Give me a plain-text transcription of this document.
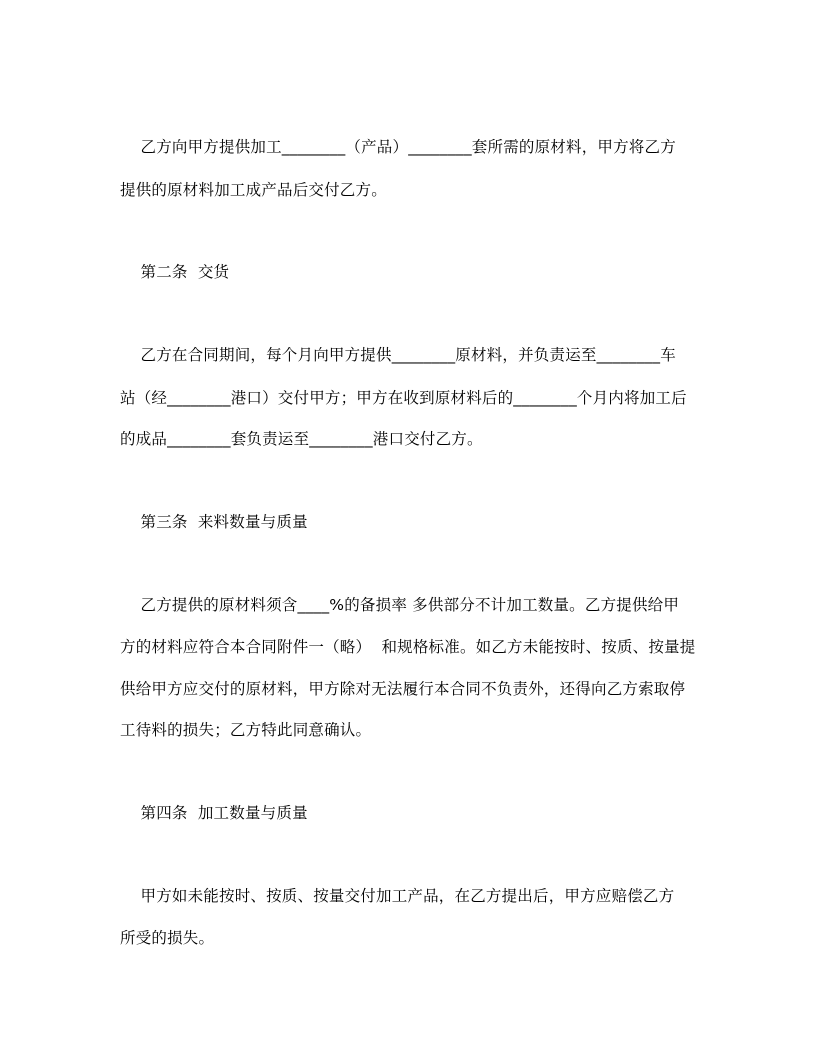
乙方向甲方提供加工________（产品）________套所需的原材料，甲方将乙方
提供的原材料加工成产品后交付乙方。
第二条  交货
乙方在合同期间，每个月向甲方提供________原材料，并负责运至________车
站（经________港口）交付甲方；甲方在收到原材料后的________个月内将加工后
的成品________套负责运至________港口交付乙方。
第三条  来料数量与质量
乙方提供的原材料须含____%的备损率 多供部分不计加工数量。乙方提供给甲
方的材料应符合本合同附件一（略）  和规格标准。如乙方未能按时、按质、按量提
供给甲方应交付的原材料，甲方除对无法履行本合同不负责外，还得向乙方索取停
工待料的损失；乙方特此同意确认。
第四条  加工数量与质量
甲方如未能按时、按质、按量交付加工产品，在乙方提出后，甲方应赔偿乙方
所受的损失。
